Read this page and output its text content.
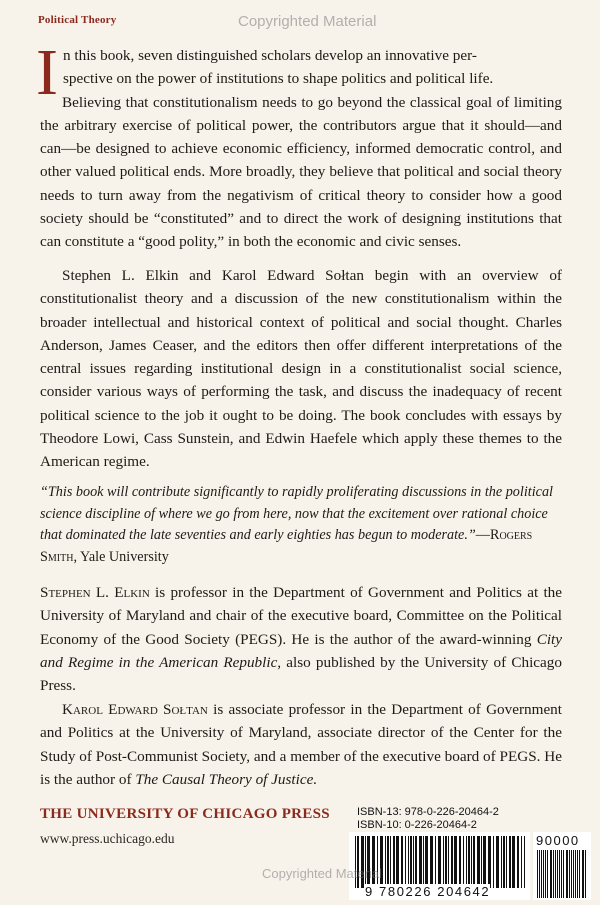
Political Theory	Copyrighted Material
I n this book, seven distinguished scholars develop an innovative per-
spective on the power of institutions to shape politics and political life.
Believing that constitutionalism needs to go beyond the classical goal of limiting the arbitrary exercise of political power, the contributors argue that it should—and can—be designed to achieve economic efficiency, informed democratic control, and other valued political ends. More broadly, they believe that political and social theory needs to turn away from the negativism of critical theory to consider how a good society should be “constituted” and to direct the work of designing institutions that can constitute a “good polity,” in both the economic and civic senses.
Stephen L. Elkin and Karol Edward Sołtan begin with an overview of constitutionalist theory and a discussion of the new constitutionalism within the broader intellectual and historical context of political and social thought. Charles Anderson, James Ceaser, and the editors then offer different interpretations of the central issues regarding institutional design in a constitutionalist social science, consider various ways of performing the task, and discuss the inadequacy of recent political science to the job it ought to be doing. The book concludes with essays by Theodore Lowi, Cass Sunstein, and Edwin Haefele which apply these themes to the American regime.
“This book will contribute significantly to rapidly proliferating discussions in the political science discipline of where we go from here, now that the excitement over rational choice that dominated the late seventies and early eighties has begun to moderate.”—Rogers Smith, Yale University
Stephen L. Elkin is professor in the Department of Government and Politics at the University of Maryland and chair of the executive board, Committee on the Political Economy of the Good Society (PEGS). He is the author of the award-winning City and Regime in the American Republic, also published by the University of Chicago Press.
Karol Edward Sołtan is associate professor in the Department of Government and Politics at the University of Maryland, associate director of the Center for the Study of Post-Communist Society, and a member of the executive board of PEGS. He is the author of The Causal Theory of Justice.
THE UNIVERSITY OF CHICAGO PRESS
www.press.uchicago.edu
ISBN-13: 978-0-226-20464-2
ISBN-10: 0-226-20464-2
9 780226 204642
90000
Copyrighted Material
